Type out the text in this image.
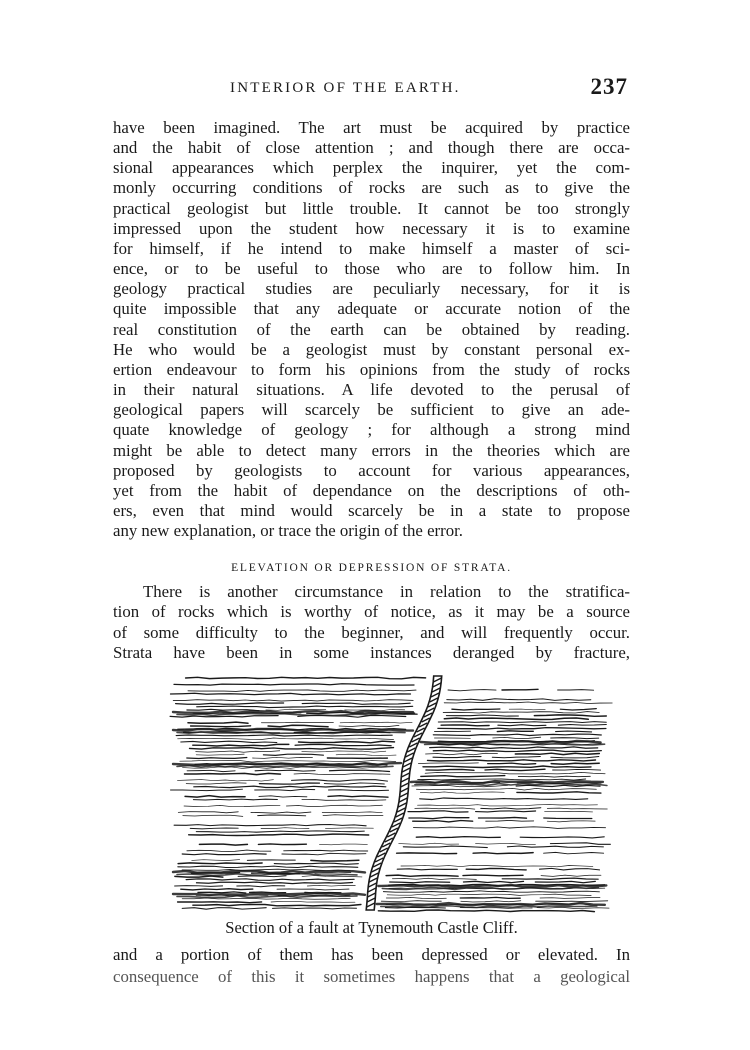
INTERIOR OF THE EARTH.	237
have been imagined. The art must be acquired by practice
and the habit of close attention ; and though there are occa-
sional appearances which perplex the inquirer, yet the com-
monly occurring conditions of rocks are such as to give the
practical geologist but little trouble. It cannot be too strongly
impressed upon the student how necessary it is to examine
for himself, if he intend to make himself a master of sci-
ence, or to be useful to those who are to follow him. In
geology practical studies are peculiarly necessary, for it is
quite impossible that any adequate or accurate notion of the
real constitution of the earth can be obtained by reading.
He who would be a geologist must by constant personal ex-
ertion endeavour to form his opinions from the study of rocks
in their natural situations. A life devoted to the perusal of
geological papers will scarcely be sufficient to give an ade-
quate knowledge of geology ; for although a strong mind
might be able to detect many errors in the theories which are
proposed by geologists to account for various appearances,
yet from the habit of dependance on the descriptions of oth-
ers, even that mind would scarcely be in a state to propose
any new explanation, or trace the origin of the error.
ELEVATION OR DEPRESSION OF STRATA.
There is another circumstance in relation to the stratifica-
tion of rocks which is worthy of notice, as it may be a source
of some difficulty to the beginner, and will frequently occur.
Strata have been in some instances deranged by fracture,
Section of a fault at Tynemouth Castle Cliff.
and a portion of them has been depressed or elevated. In
consequence of this it sometimes happens that a geological
